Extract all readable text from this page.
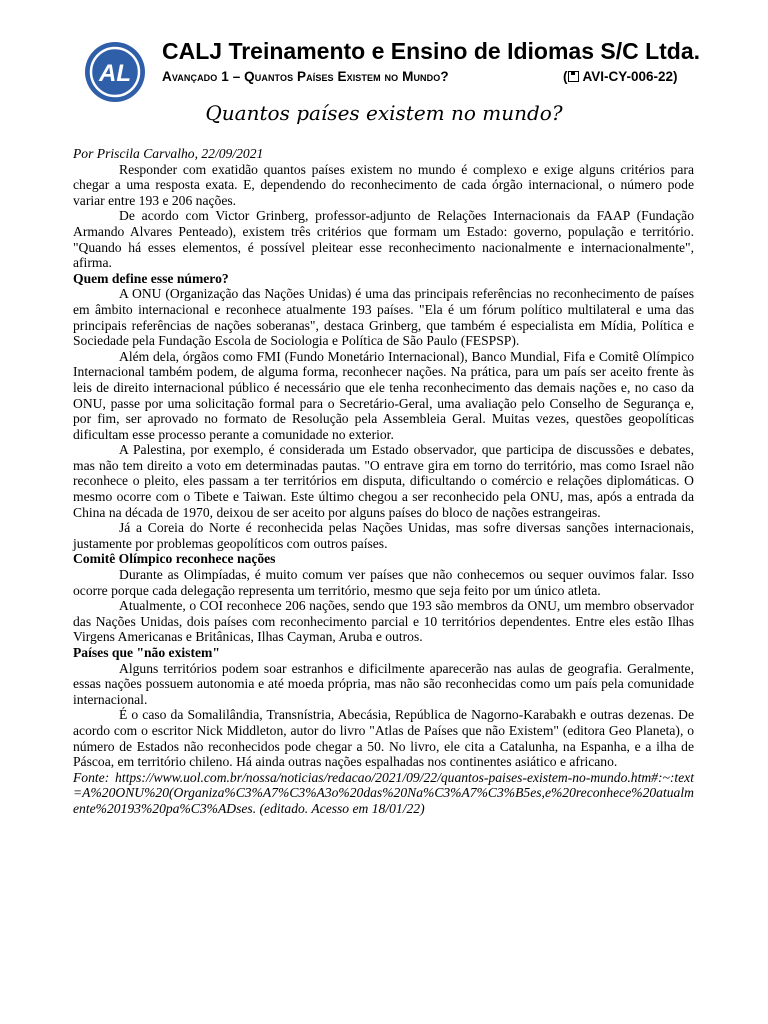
AL
CALJ Treinamento e Ensino de Idiomas S/C Ltda.
Avançado 1 – Quantos Países Existem no Mundo?	( AVI-CY-006-22)
Quantos países existem no mundo?

Por Priscila Carvalho, 22/09/2021

Responder com exatidão quantos países existem no mundo é complexo e exige alguns critérios para chegar a uma resposta exata. E, dependendo do reconhecimento de cada órgão internacional, o número pode variar entre 193 e 206 nações.

De acordo com Victor Grinberg, professor-adjunto de Relações Internacionais da FAAP (Fundação Armando Alvares Penteado), existem três critérios que formam um Estado: governo, população e território. "Quando há esses elementos, é possível pleitear esse reconhecimento nacionalmente e internacionalmente", afirma.

Quem define esse número?

A ONU (Organização das Nações Unidas) é uma das principais referências no reconhecimento de países em âmbito internacional e reconhece atualmente 193 países. "Ela é um fórum político multilateral e uma das principais referências de nações soberanas", destaca Grinberg, que também é especialista em Mídia, Política e Sociedade pela Fundação Escola de Sociologia e Política de São Paulo (FESPSP).

Além dela, órgãos como FMI (Fundo Monetário Internacional), Banco Mundial, Fifa e Comitê Olímpico Internacional também podem, de alguma forma, reconhecer nações. Na prática, para um país ser aceito frente às leis de direito internacional público é necessário que ele tenha reconhecimento das demais nações e, no caso da ONU, passe por uma solicitação formal para o Secretário-Geral, uma avaliação pelo Conselho de Segurança e, por fim, ser aprovado no formato de Resolução pela Assembleia Geral. Muitas vezes, questões geopolíticas dificultam esse processo perante a comunidade no exterior.

A Palestina, por exemplo, é considerada um Estado observador, que participa de discussões e debates, mas não tem direito a voto em determinadas pautas. "O entrave gira em torno do território, mas como Israel não reconhece o pleito, eles passam a ter territórios em disputa, dificultando o comércio e relações diplomáticas. O mesmo ocorre com o Tibete e Taiwan. Este último chegou a ser reconhecido pela ONU, mas, após a entrada da China na década de 1970, deixou de ser aceito por alguns países do bloco de nações estrangeiras.

Já a Coreia do Norte é reconhecida pelas Nações Unidas, mas sofre diversas sanções internacionais, justamente por problemas geopolíticos com outros países.

Comitê Olímpico reconhece nações

Durante as Olimpíadas, é muito comum ver países que não conhecemos ou sequer ouvimos falar. Isso ocorre porque cada delegação representa um território, mesmo que seja feito por um único atleta.

Atualmente, o COI reconhece 206 nações, sendo que 193 são membros da ONU, um membro observador das Nações Unidas, dois países com reconhecimento parcial e 10 territórios dependentes. Entre eles estão Ilhas Virgens Americanas e Britânicas, Ilhas Cayman, Aruba e outros.

Países que "não existem"

Alguns territórios podem soar estranhos e dificilmente aparecerão nas aulas de geografia. Geralmente, essas nações possuem autonomia e até moeda própria, mas não são reconhecidas como um país pela comunidade internacional.

É o caso da Somalilândia, Transnístria, Abecásia, República de Nagorno-Karabakh e outras dezenas. De acordo com o escritor Nick Middleton, autor do livro "Atlas de Países que não Existem" (editora Geo Planeta), o número de Estados não reconhecidos pode chegar a 50. No livro, ele cita a Catalunha, na Espanha, e a ilha de Páscoa, em território chileno. Há ainda outras nações espalhadas nos continentes asiático e africano.

Fonte: https://www.uol.com.br/nossa/noticias/redacao/2021/09/22/quantos-paises-existem-no-mundo.htm#:~:text=A%20ONU%20(Organiza%C3%A7%C3%A3o%20das%20Na%C3%A7%C3%B5es,e%20reconhece%20atualmente%20193%20pa%C3%ADses. (editado. Acesso em 18/01/22)
